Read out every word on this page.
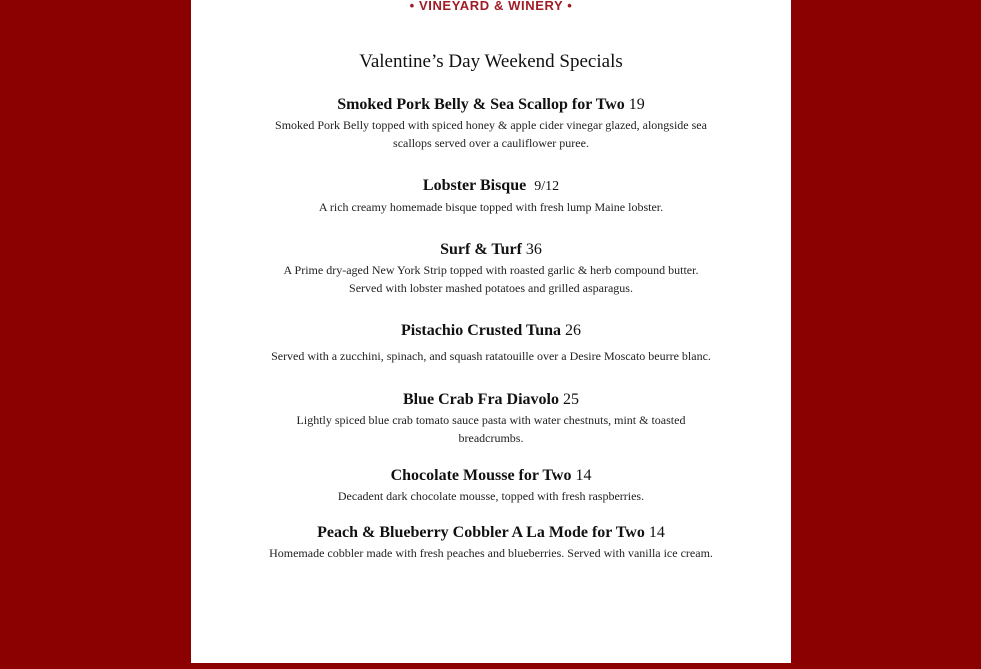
• VINEYARD & WINERY •
Valentine’s Day Weekend Specials
Smoked Pork Belly & Sea Scallop for Two 19
Smoked Pork Belly topped with spiced honey & apple cider vinegar glazed, alongside sea scallops served over a cauliflower puree.
Lobster Bisque 9/12
A rich creamy homemade bisque topped with fresh lump Maine lobster.
Surf & Turf 36
A Prime dry-aged New York Strip topped with roasted garlic & herb compound butter. Served with lobster mashed potatoes and grilled asparagus.
Pistachio Crusted Tuna 26
Served with a zucchini, spinach, and squash ratatouille over a Desire Moscato beurre blanc.
Blue Crab Fra Diavolo 25
Lightly spiced blue crab tomato sauce pasta with water chestnuts, mint & toasted breadcrumbs.
Chocolate Mousse for Two 14
Decadent dark chocolate mousse, topped with fresh raspberries.
Peach & Blueberry Cobbler A La Mode for Two 14
Homemade cobbler made with fresh peaches and blueberries. Served with vanilla ice cream.
